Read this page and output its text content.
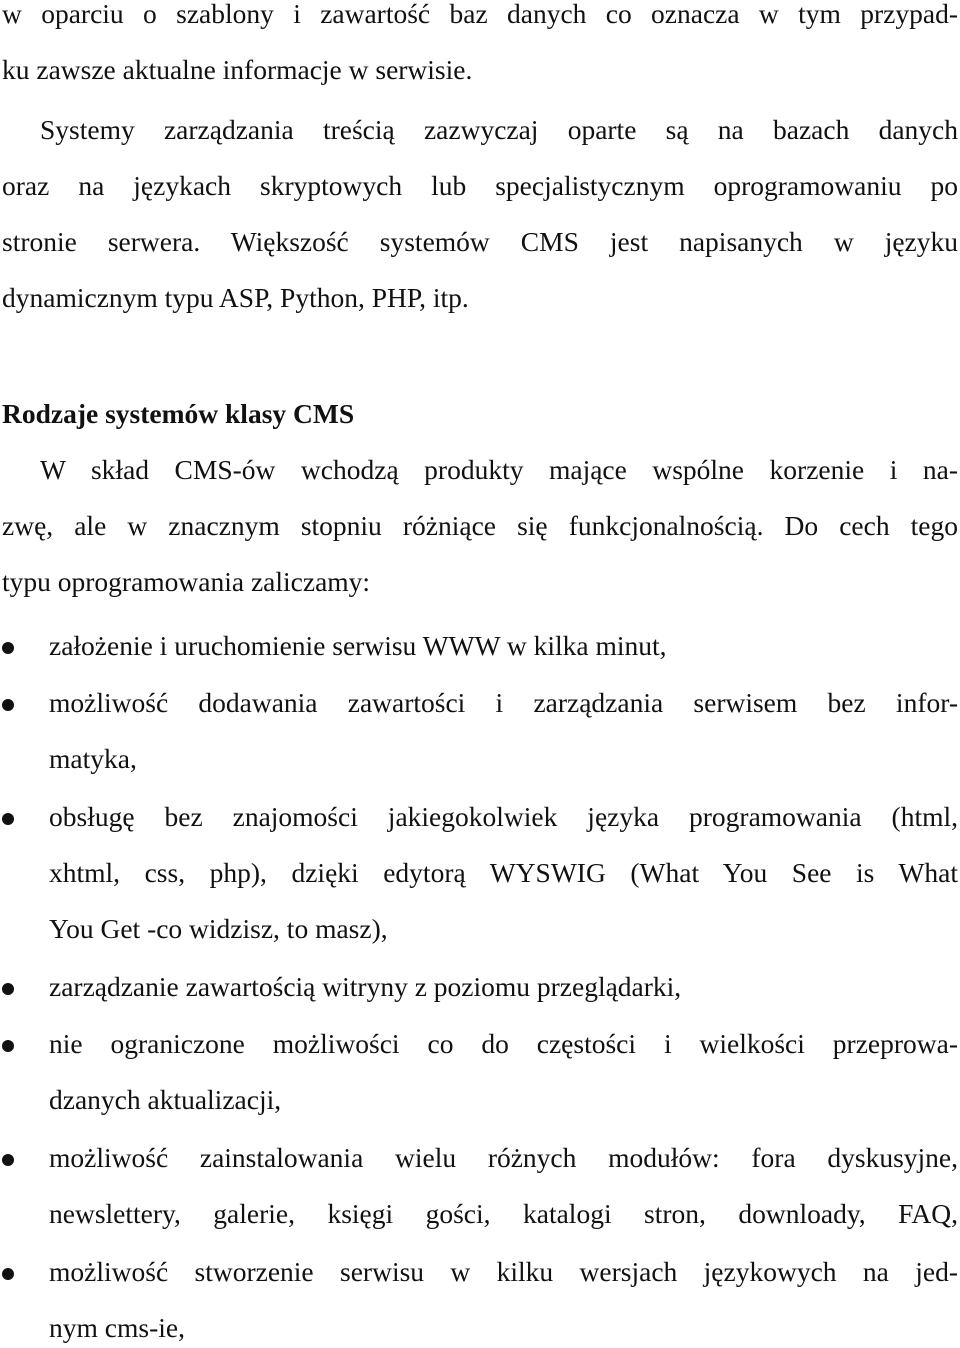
w oparciu o szablony i zawartość baz danych co oznacza w tym przypad-
ku zawsze aktualne informacje w serwisie.
Systemy zarządzania treścią zazwyczaj oparte są na bazach danych
oraz na językach skryptowych lub specjalistycznym oprogramowaniu po
stronie serwera. Większość systemów CMS jest napisanych w języku
dynamicznym typu ASP, Python, PHP, itp.
Rodzaje systemów klasy CMS
W skład CMS-ów wchodzą produkty mające wspólne korzenie i na-
zwę, ale w znacznym stopniu różniące się funkcjonalnością. Do cech tego
typu oprogramowania zaliczamy:
założenie i uruchomienie serwisu WWW w kilka minut,
możliwość dodawania zawartości i zarządzania serwisem bez infor-
matyka,
obsługę bez znajomości jakiegokolwiek języka programowania (html,
xhtml, css, php), dzięki edytorą WYSWIG (What You See is What
You Get -co widzisz, to masz),
zarządzanie zawartością witryny z poziomu przeglądarki,
nie ograniczone możliwości co do częstości i wielkości przeprowa-
dzanych aktualizacji,
możliwość zainstalowania wielu różnych modułów: fora dyskusyjne,
newslettery, galerie, księgi gości, katalogi stron, downloady, FAQ,
możliwość stworzenie serwisu w kilku wersjach językowych na jed-
nym cms-ie,
